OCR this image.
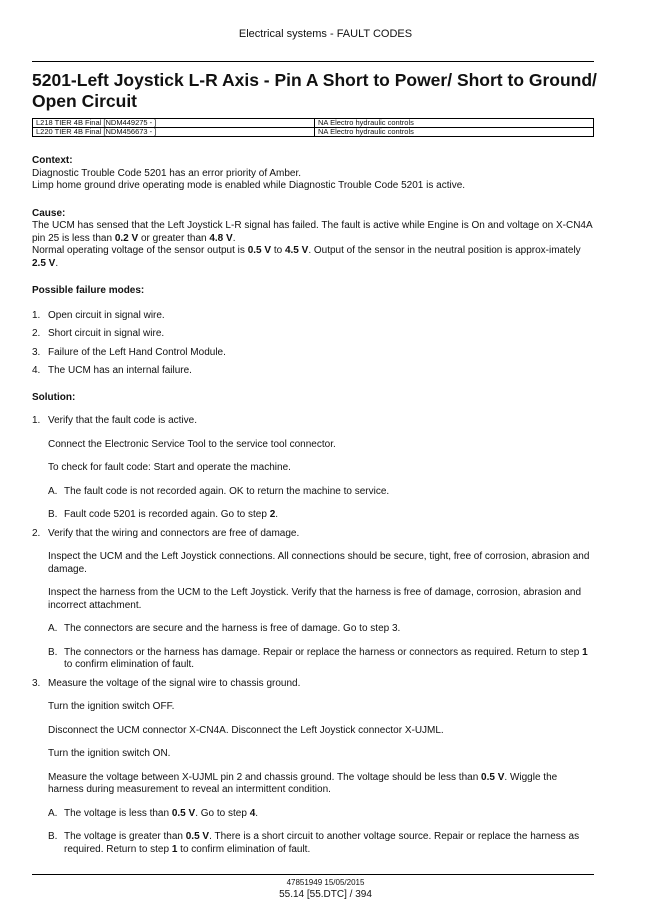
Electrical systems - FAULT CODES
5201-Left Joystick L-R Axis - Pin A Short to Power/ Short to Ground/ Open Circuit
L218 TIER 4B Final [NDM449275 - ]	NA Electro hydraulic controls
L220 TIER 4B Final [NDM456673 - ]	NA Electro hydraulic controls

Context:

Diagnostic Trouble Code 5201 has an error priority of Amber.

Limp home ground drive operating mode is enabled while Diagnostic Trouble Code 5201 is active.

Cause:

The UCM has sensed that the Left Joystick L-R signal has failed. The fault is active while Engine is On and voltage on X-CN4A pin 25 is less than 0.2 V or greater than 4.8 V.

Normal operating voltage of the sensor output is 0.5 V to 4.5 V. Output of the sensor in the neutral position is approx-imately 2.5 V.

Possible failure modes:

1. Open circuit in signal wire.
2. Short circuit in signal wire.
3. Failure of the Left Hand Control Module.
4. The UCM has an internal failure.

Solution:

1. Verify that the fault code is active.

Connect the Electronic Service Tool to the service tool connector.

To check for fault code: Start and operate the machine.

A. The fault code is not recorded again. OK to return the machine to service.
B. Fault code 5201 is recorded again. Go to step 2.
2. Verify that the wiring and connectors are free of damage.

Inspect the UCM and the Left Joystick connections. All connections should be secure, tight, free of corrosion, abrasion and damage.

Inspect the harness from the UCM to the Left Joystick. Verify that the harness is free of damage, corrosion, abrasion and incorrect attachment.

A. The connectors are secure and the harness is free of damage. Go to step 3.
B. The connectors or the harness has damage. Repair or replace the harness or connectors as required. Return to step 1 to confirm elimination of fault.
3. Measure the voltage of the signal wire to chassis ground.

Turn the ignition switch OFF.

Disconnect the UCM connector X-CN4A. Disconnect the Left Joystick connector X-UJML.

Turn the ignition switch ON.

Measure the voltage between X-UJML pin 2 and chassis ground. The voltage should be less than 0.5 V. Wiggle the harness during measurement to reveal an intermittent condition.

A. The voltage is less than 0.5 V. Go to step 4.
B. The voltage is greater than 0.5 V. There is a short circuit to another voltage source. Repair or replace the harness as required. Return to step 1 to confirm elimination of fault.
47851949 15/05/2015
55.14 [55.DTC] / 394
